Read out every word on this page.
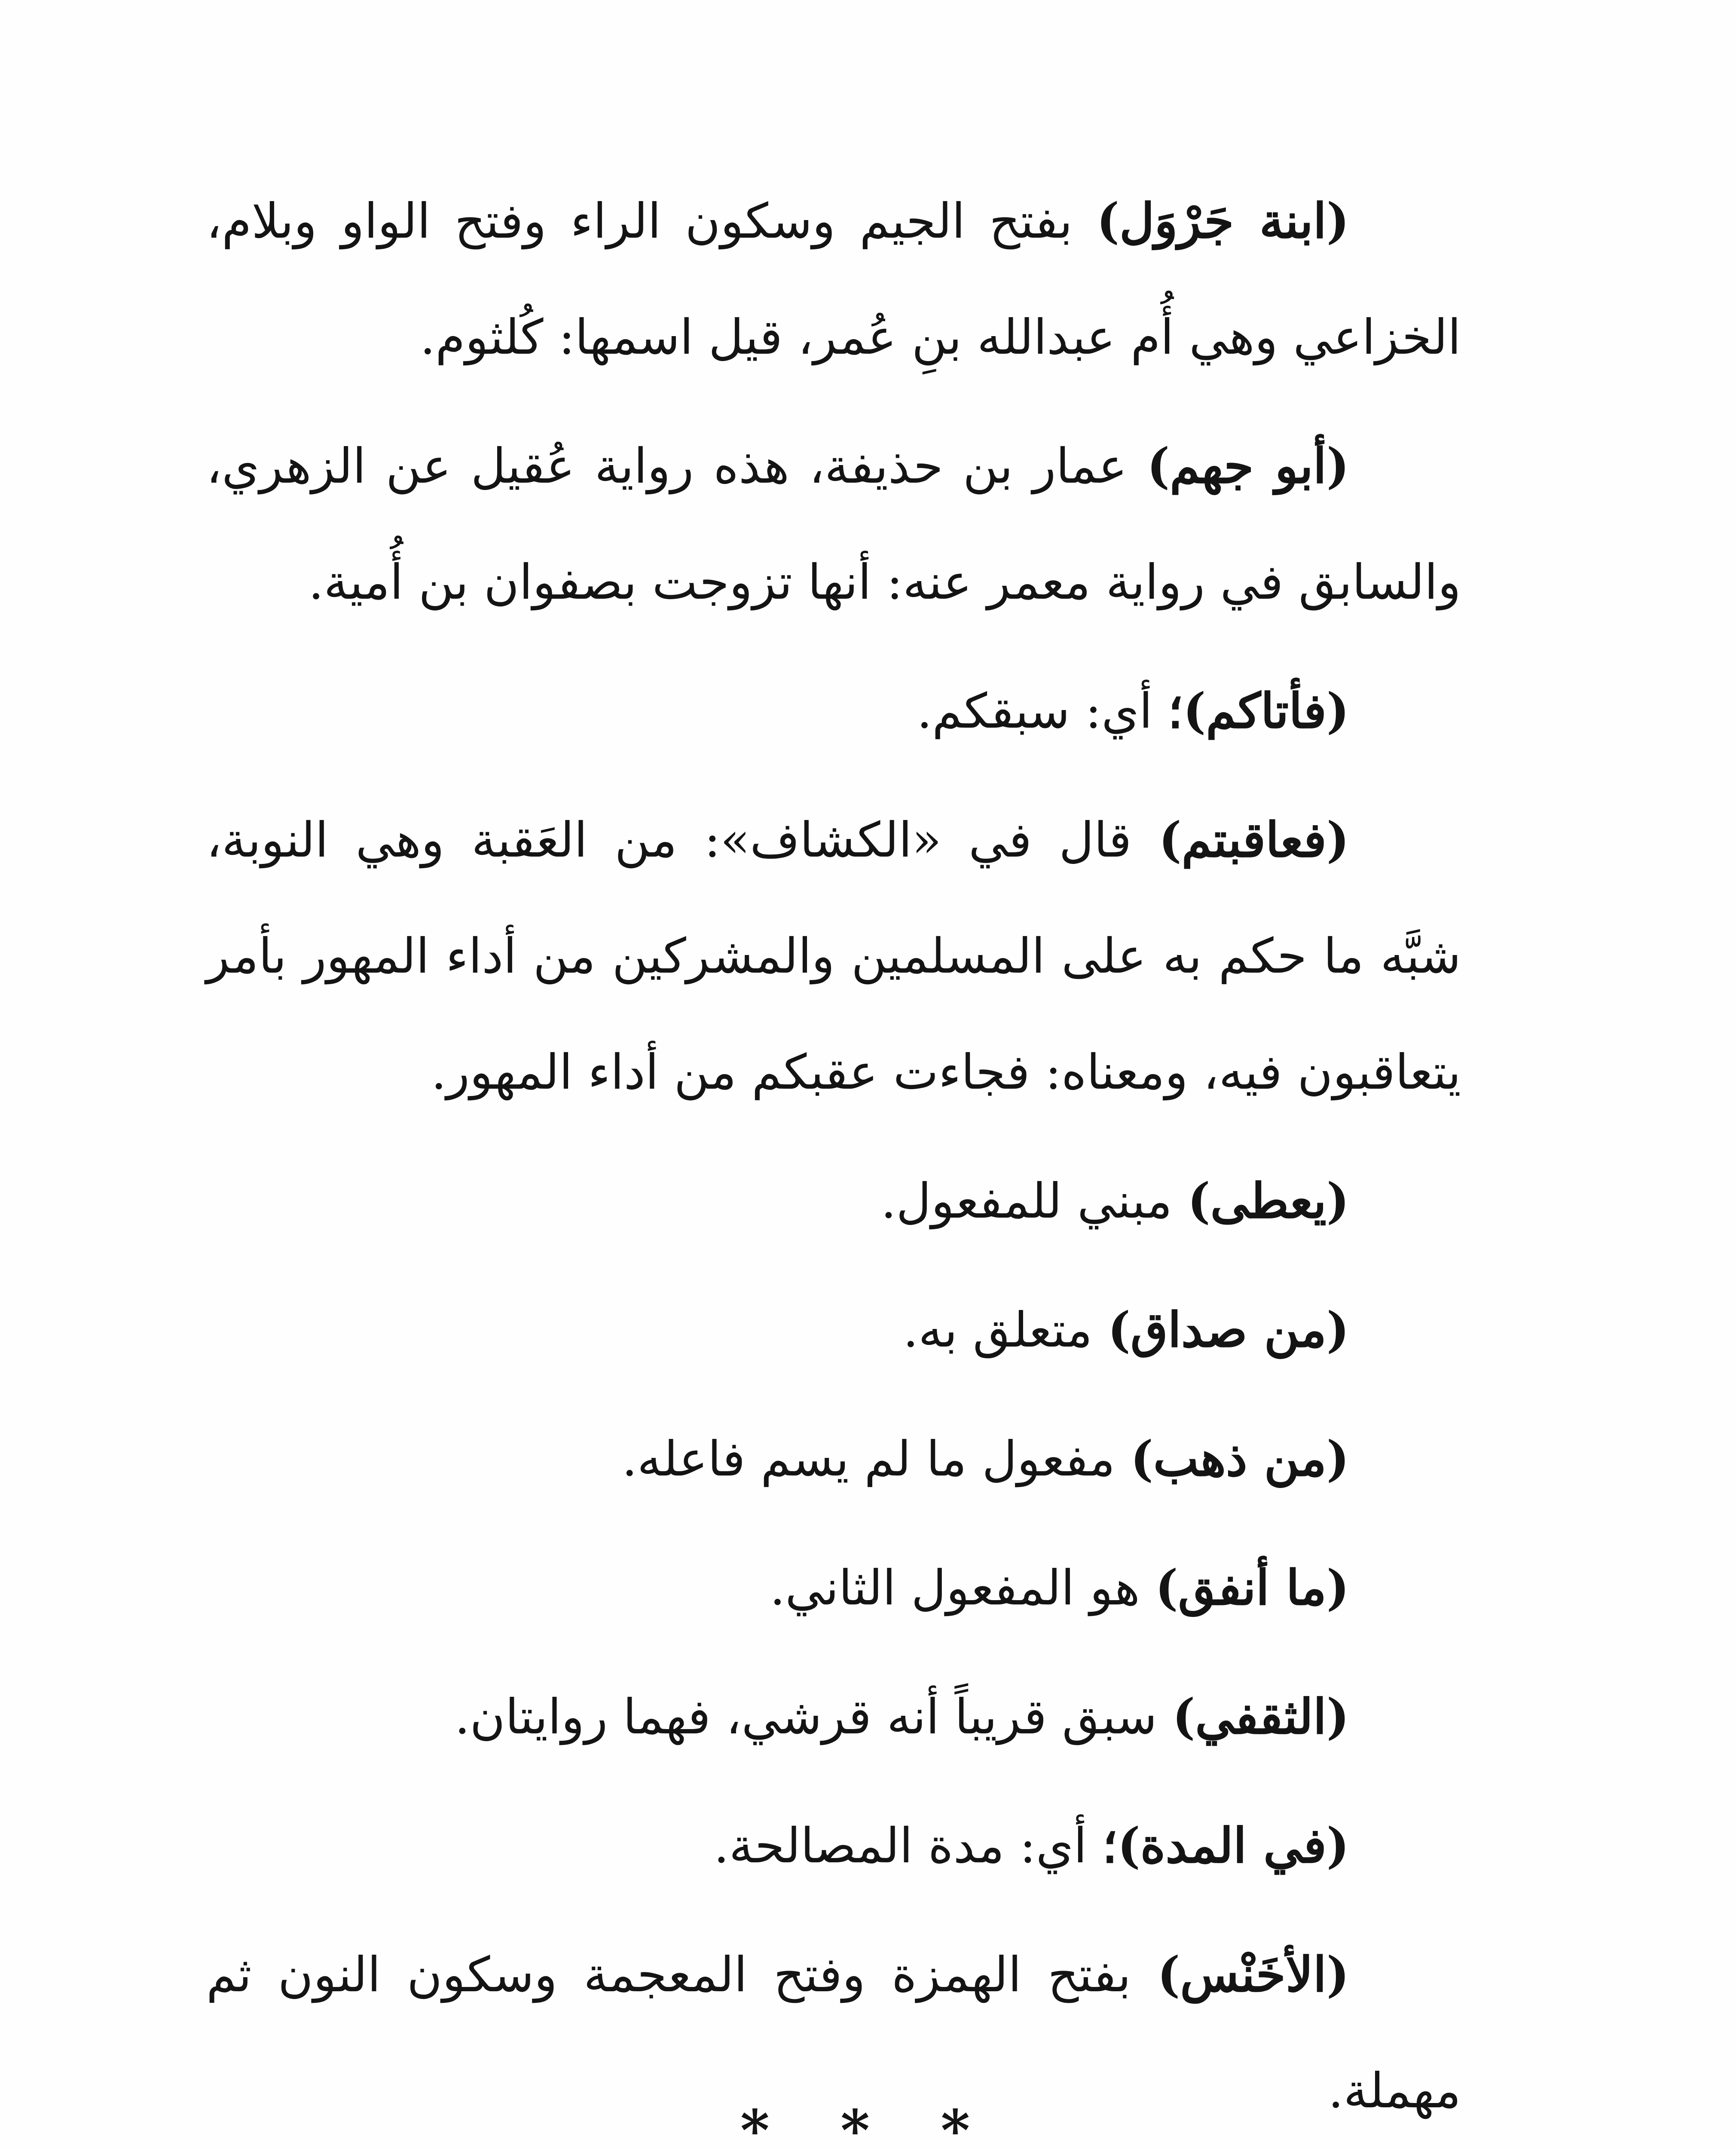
(ابنة جَرْوَل) بفتح الجيم وسكون الراء وفتح الواو وبلام، الخزاعي وهي أُم عبدالله بنِ عُمر، قيل اسمها: كُلثوم.

(أبو جهم) عمار بن حذيفة، هذه رواية عُقيل عن الزهري، والسابق في رواية معمر عنه: أنها تزوجت بصفوان بن أُمية.

(فأتاكم)؛ أي: سبقكم.

(فعاقبتم) قال في «الكشاف»: من العَقبة وهي النوبة، شبَّه ما حكم به على المسلمين والمشركين من أداء المهور بأمر يتعاقبون فيه، ومعناه: فجاءت عقبكم من أداء المهور.

(يعطى) مبني للمفعول.

(من صداق) متعلق به.

(من ذهب) مفعول ما لم يسم فاعله.

(ما أنفق) هو المفعول الثاني.

(الثقفي) سبق قريباً أنه قرشي، فهما روايتان.

(في المدة)؛ أي: مدة المصالحة.

(الأخَنْس) بفتح الهمزة وفتح المعجمة وسكون النون ثم مهملة.

* * *
